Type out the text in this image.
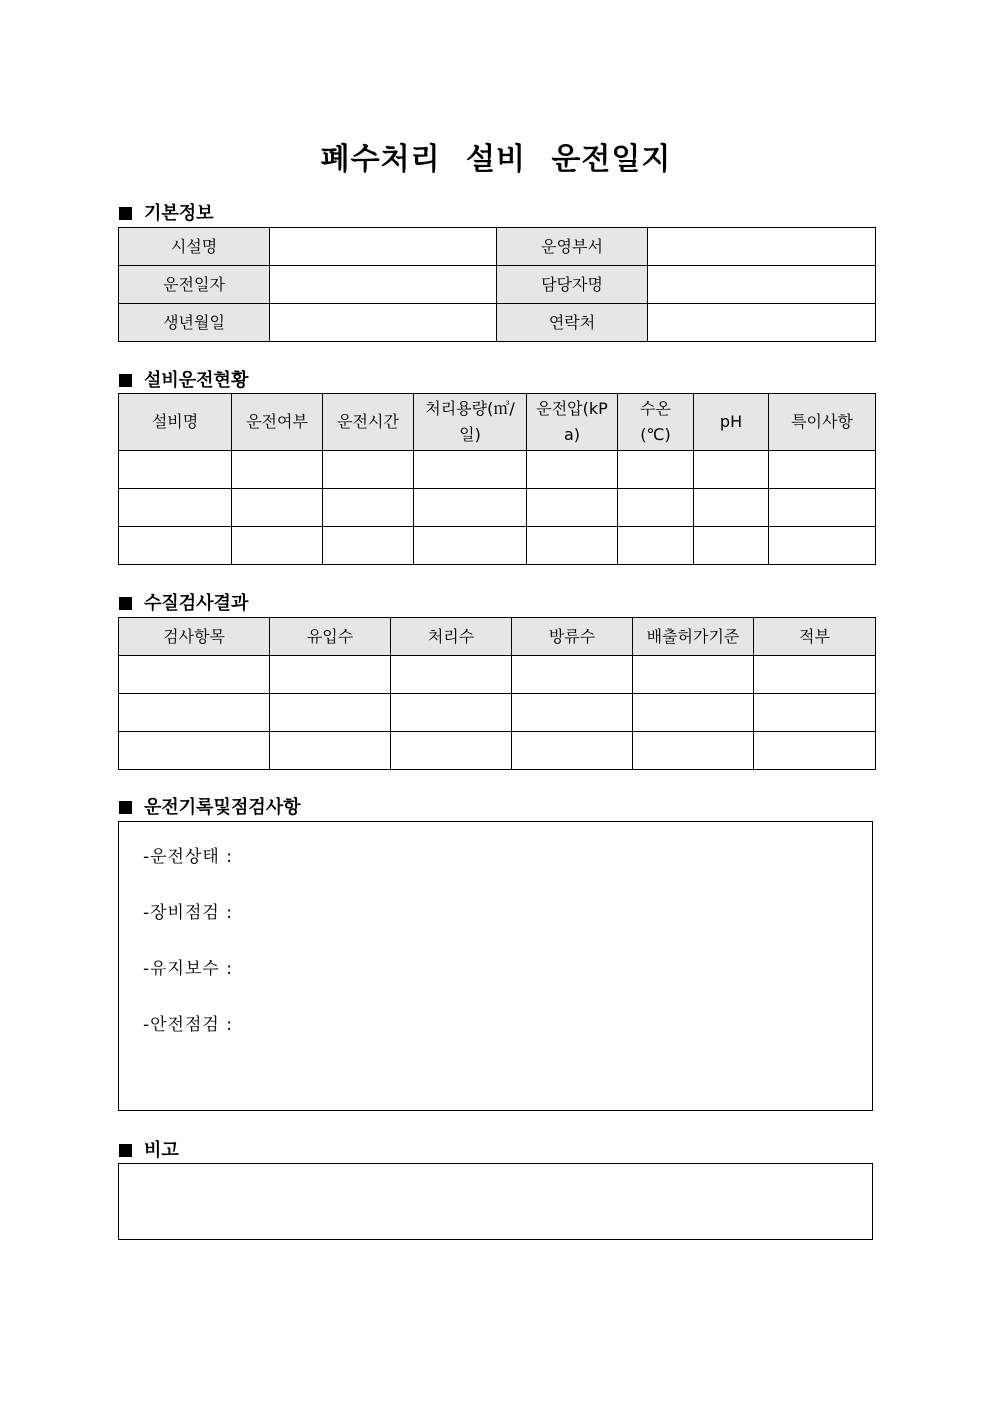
폐수처리 설비 운전일지
기본정보
시설명		운영부서	
운전일자		담당자명	
생년월일		연락처	
설비운전현황
설비명	운전여부	운전시간	처리용량(㎥/일)	운전압(kPa)	수온(℃)	pH	특이사항

수질검사결과
검사항목	유입수	처리수	방류수	배출허가기준	적부

운전기록및점검사항
-운전상태 :
-장비점검 :
-유지보수 :
-안전점검 :
비고
